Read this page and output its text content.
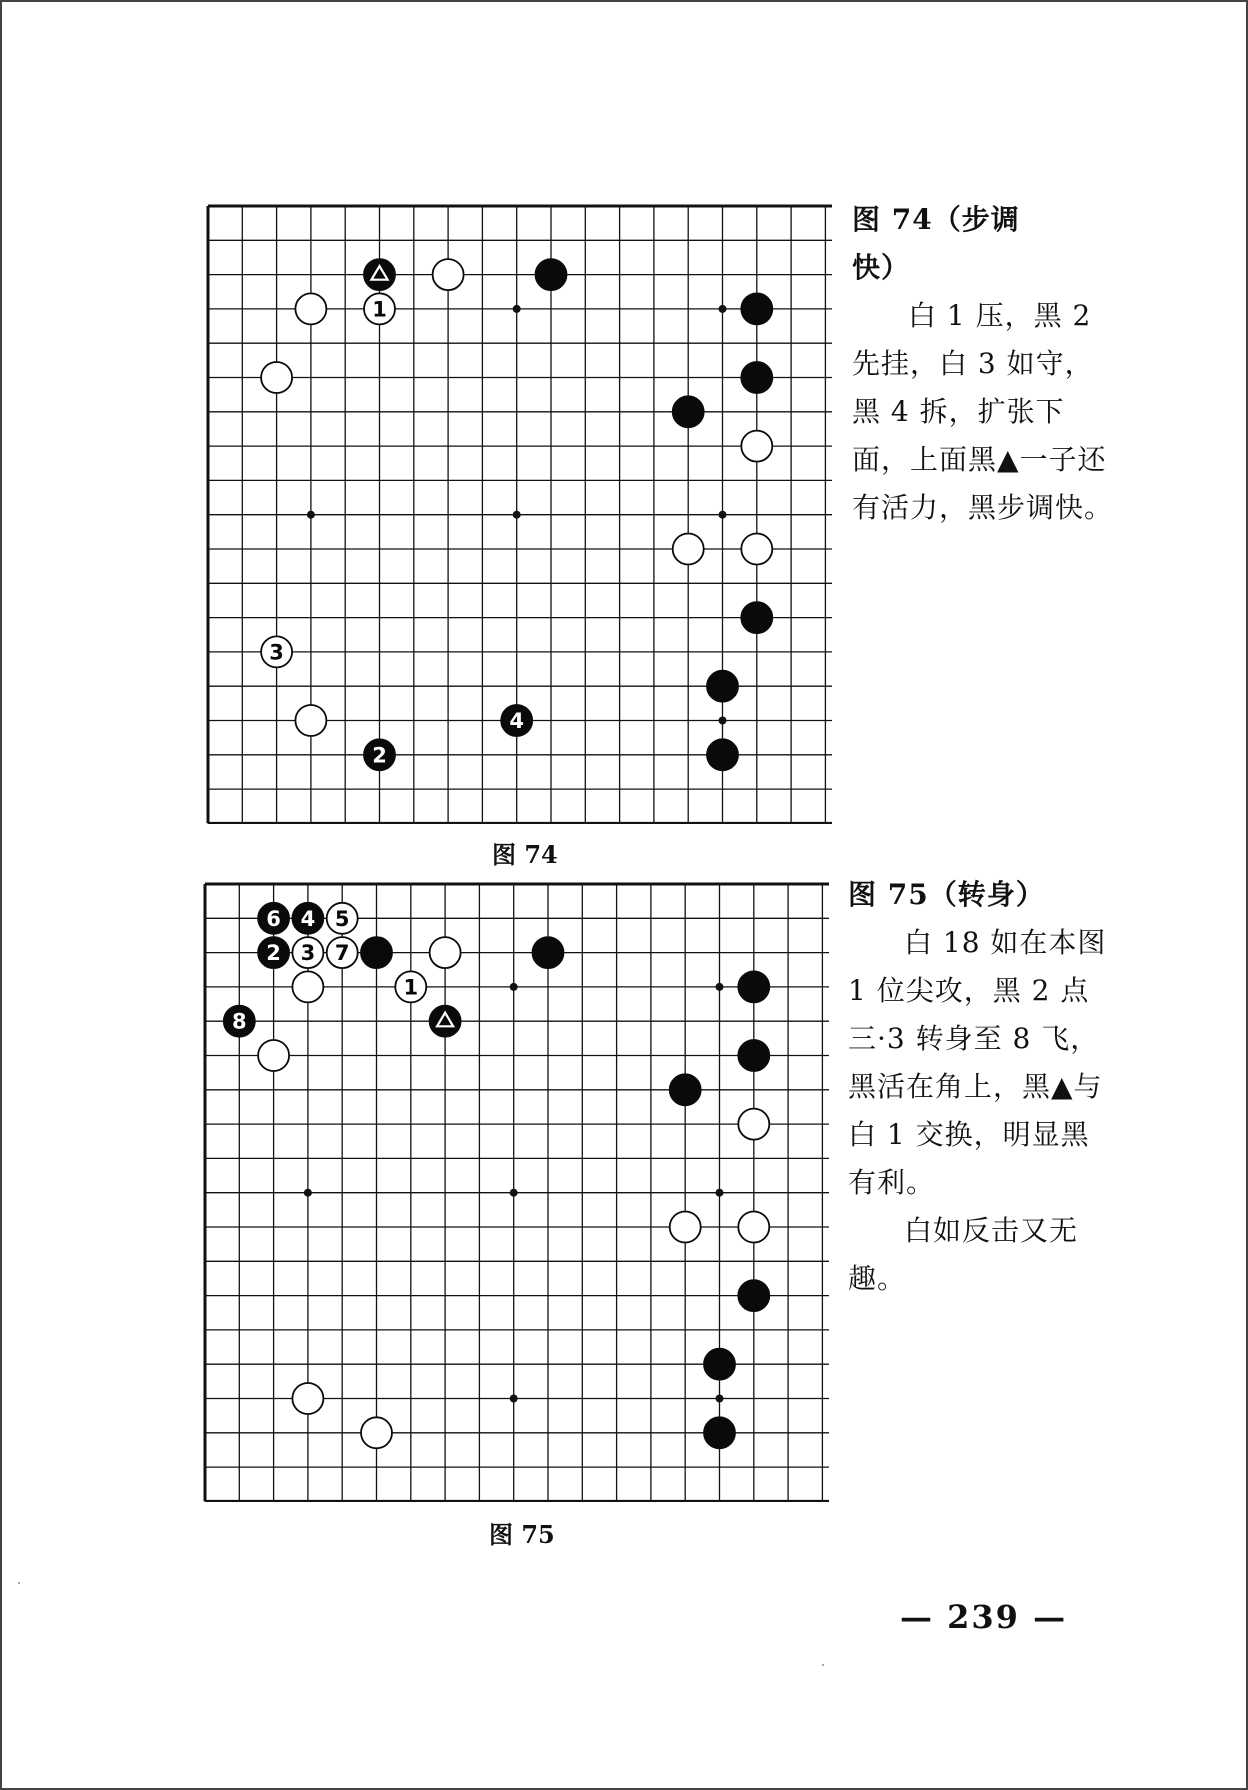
1
3
4
2
图 74
图 74（步调
快）

白 1 压，黑 2 先挂，白 3 如守，黑 4 拆，扩张下面，上面黑▲一子还有活力，黑步调快。

6 4 5
2 3 7
1
8
图 75
图 75（转身）

白 18 如在本图 1 位尖攻，黑 2 点三·3 转身至 8 飞，黑活在角上，黑▲与白 1 交换，明显黑有利。

白如反击又无趣。

— 239 —
